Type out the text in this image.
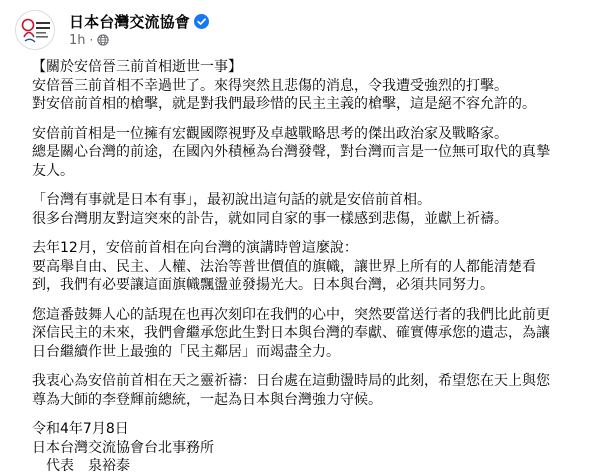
日本台灣交流協會
1h ·

【關於安倍晉三前首相逝世一事】
安倍晉三前首相不幸過世了。來得突然且悲傷的消息，令我遭受強烈的打擊。
對安倍前首相的槍擊，就是對我們最珍惜的民主主義的槍擊，這是絕不容允許的。

安倍前首相是一位擁有宏觀國際視野及卓越戰略思考的傑出政治家及戰略家。
總是關心台灣的前途，在國內外積極為台灣發聲，對台灣而言是一位無可取代的真摯
友人。

「台灣有事就是日本有事」，最初說出這句話的就是安倍前首相。
很多台灣朋友對這突來的訃告，就如同自家的事一樣感到悲傷，並獻上祈禱。

去年12月，安倍前首相在向台灣的演講時曾這麼說：
要高舉自由、民主、人權、法治等普世價值的旗幟，讓世界上所有的人都能清楚看
到，我們有必要讓這面旗幟飄盪並發揚光大。日本與台灣，必須共同努力。

您這番鼓舞人心的話現在也再次刻印在我們的心中，突然要當送行者的我們比此前更
深信民主的未來，我們會繼承您此生對日本與台灣的奉獻、確實傳承您的遺志，為讓
日台繼續作世上最強的「民主鄰居」而竭盡全力。

我衷心為安倍前首相在天之靈祈禱：日台處在這動盪時局的此刻，希望您在天上與您
尊為大師的李登輝前總統，一起為日本與台灣強力守候。

令和4年7月8日
日本台灣交流協會台北事務所
　代表　泉裕泰
